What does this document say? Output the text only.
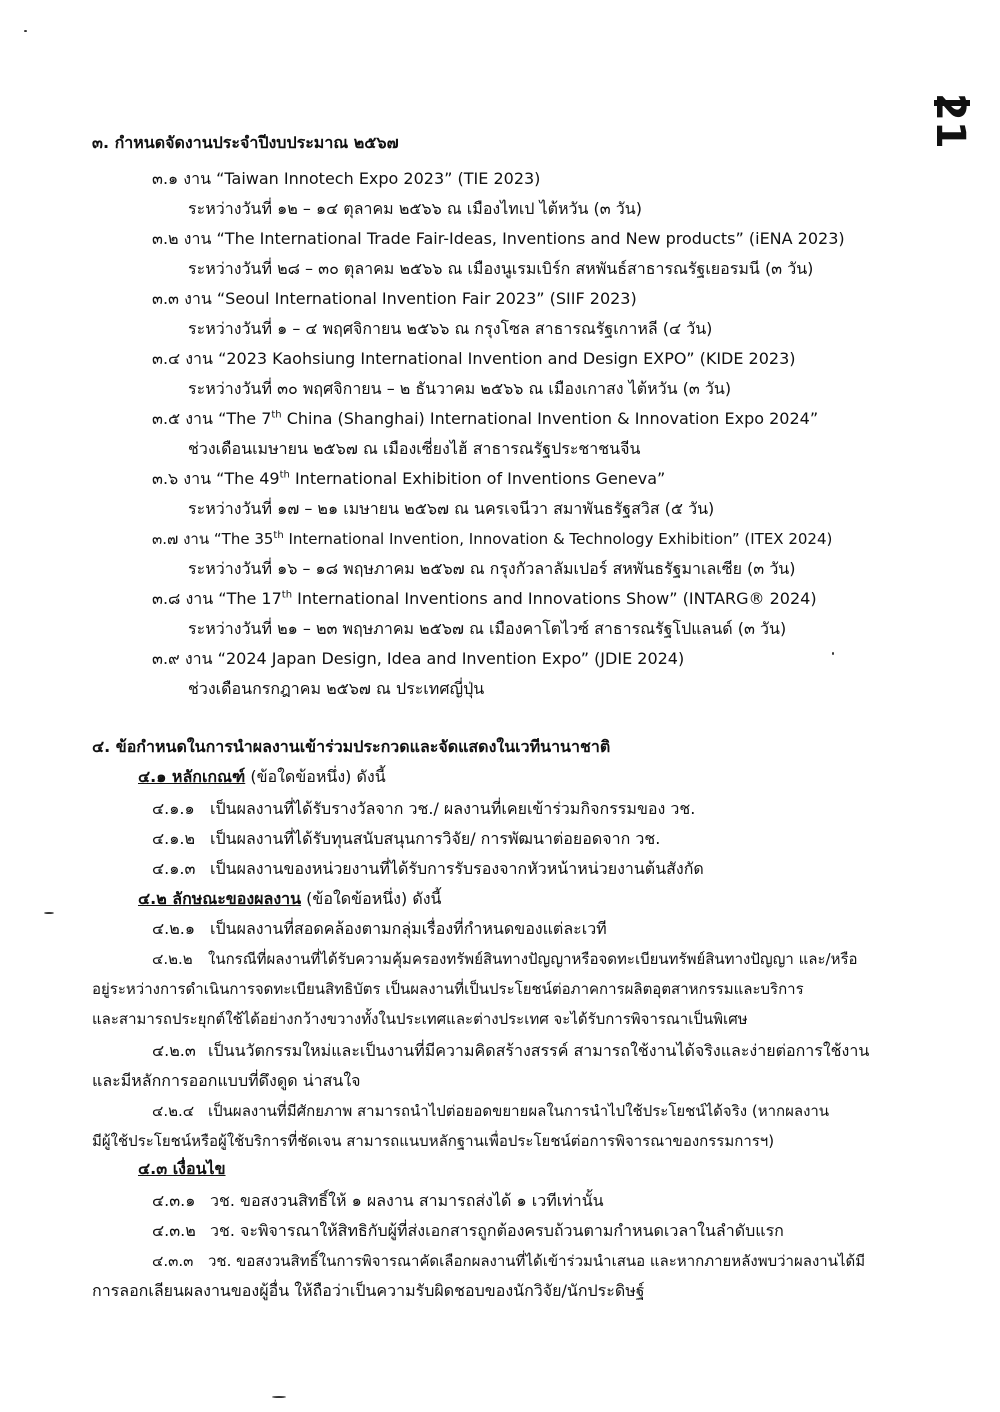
21
๓. กำหนดจัดงานประจำปีงบประมาณ ๒๕๖๗
๓.๑ งาน “Taiwan Innotech Expo 2023” (TIE 2023)
ระหว่างวันที่ ๑๒ – ๑๔ ตุลาคม ๒๕๖๖ ณ เมืองไทเป ไต้หวัน (๓ วัน)
๓.๒ งาน “The International Trade Fair-Ideas, Inventions and New products” (iENA 2023)
ระหว่างวันที่ ๒๘ – ๓๐ ตุลาคม ๒๕๖๖ ณ เมืองนูเรมเบิร์ก สหพันธ์สาธารณรัฐเยอรมนี (๓ วัน)
๓.๓ งาน “Seoul International Invention Fair 2023” (SIIF 2023)
ระหว่างวันที่ ๑ – ๔ พฤศจิกายน ๒๕๖๖ ณ กรุงโซล สาธารณรัฐเกาหลี (๔ วัน)
๓.๔ งาน “2023 Kaohsiung International Invention and Design EXPO” (KIDE 2023)
ระหว่างวันที่ ๓๐ พฤศจิกายน – ๒ ธันวาคม ๒๕๖๖ ณ เมืองเกาสง ไต้หวัน (๓ วัน)
๓.๕ งาน “The 7th China (Shanghai) International Invention & Innovation Expo 2024”
ช่วงเดือนเมษายน ๒๕๖๗ ณ เมืองเซี่ยงไฮ้ สาธารณรัฐประชาชนจีน
๓.๖ งาน “The 49th International Exhibition of Inventions Geneva”
ระหว่างวันที่ ๑๗ – ๒๑ เมษายน ๒๕๖๗ ณ นครเจนีวา สมาพันธรัฐสวิส (๕ วัน)
๓.๗ งาน “The 35th International Invention, Innovation & Technology Exhibition” (ITEX 2024)
ระหว่างวันที่ ๑๖ – ๑๘ พฤษภาคม ๒๕๖๗ ณ กรุงกัวลาลัมเปอร์ สหพันธรัฐมาเลเซีย (๓ วัน)
๓.๘ งาน “The 17th International Inventions and Innovations Show” (INTARG® 2024)
ระหว่างวันที่ ๒๑ – ๒๓ พฤษภาคม ๒๕๖๗ ณ เมืองคาโตไวซ์ สาธารณรัฐโปแลนด์ (๓ วัน)
๓.๙ งาน “2024 Japan Design, Idea and Invention Expo” (JDIE 2024)
ช่วงเดือนกรกฎาคม ๒๕๖๗ ณ ประเทศญี่ปุ่น
๔. ข้อกำหนดในการนำผลงานเข้าร่วมประกวดและจัดแสดงในเวทีนานาชาติ
๔.๑ หลักเกณฑ์ (ข้อใดข้อหนึ่ง) ดังนี้
๔.๑.๑ เป็นผลงานที่ได้รับรางวัลจาก วช./ ผลงานที่เคยเข้าร่วมกิจกรรมของ วช.
๔.๑.๒ เป็นผลงานที่ได้รับทุนสนับสนุนการวิจัย/ การพัฒนาต่อยอดจาก วช.
๔.๑.๓ เป็นผลงานของหน่วยงานที่ได้รับการรับรองจากหัวหน้าหน่วยงานต้นสังกัด
๔.๒ ลักษณะของผลงาน (ข้อใดข้อหนึ่ง) ดังนี้
๔.๒.๑ เป็นผลงานที่สอดคล้องตามกลุ่มเรื่องที่กำหนดของแต่ละเวที
๔.๒.๒ ในกรณีที่ผลงานที่ได้รับความคุ้มครองทรัพย์สินทางปัญญาหรือจดทะเบียนทรัพย์สินทางปัญญา และ/หรือ
อยู่ระหว่างการดำเนินการจดทะเบียนสิทธิบัตร เป็นผลงานที่เป็นประโยชน์ต่อภาคการผลิตอุตสาหกรรมและบริการ
และสามารถประยุกต์ใช้ได้อย่างกว้างขวางทั้งในประเทศและต่างประเทศ จะได้รับการพิจารณาเป็นพิเศษ
๔.๒.๓ เป็นนวัตกรรมใหม่และเป็นงานที่มีความคิดสร้างสรรค์ สามารถใช้งานได้จริงและง่ายต่อการใช้งาน
และมีหลักการออกแบบที่ดึงดูด น่าสนใจ
๔.๒.๔ เป็นผลงานที่มีศักยภาพ สามารถนำไปต่อยอดขยายผลในการนำไปใช้ประโยชน์ได้จริง (หากผลงาน
มีผู้ใช้ประโยชน์หรือผู้ใช้บริการที่ชัดเจน สามารถแนบหลักฐานเพื่อประโยชน์ต่อการพิจารณาของกรรมการฯ)
๔.๓ เงื่อนไข
๔.๓.๑ วช. ขอสงวนสิทธิ์ให้ ๑ ผลงาน สามารถส่งได้ ๑ เวทีเท่านั้น
๔.๓.๒ วช. จะพิจารณาให้สิทธิกับผู้ที่ส่งเอกสารถูกต้องครบถ้วนตามกำหนดเวลาในลำดับแรก
๔.๓.๓ วช. ขอสงวนสิทธิ์ในการพิจารณาคัดเลือกผลงานที่ได้เข้าร่วมนำเสนอ และหากภายหลังพบว่าผลงานได้มี
การลอกเลียนผลงานของผู้อื่น ให้ถือว่าเป็นความรับผิดชอบของนักวิจัย/นักประดิษฐ์
